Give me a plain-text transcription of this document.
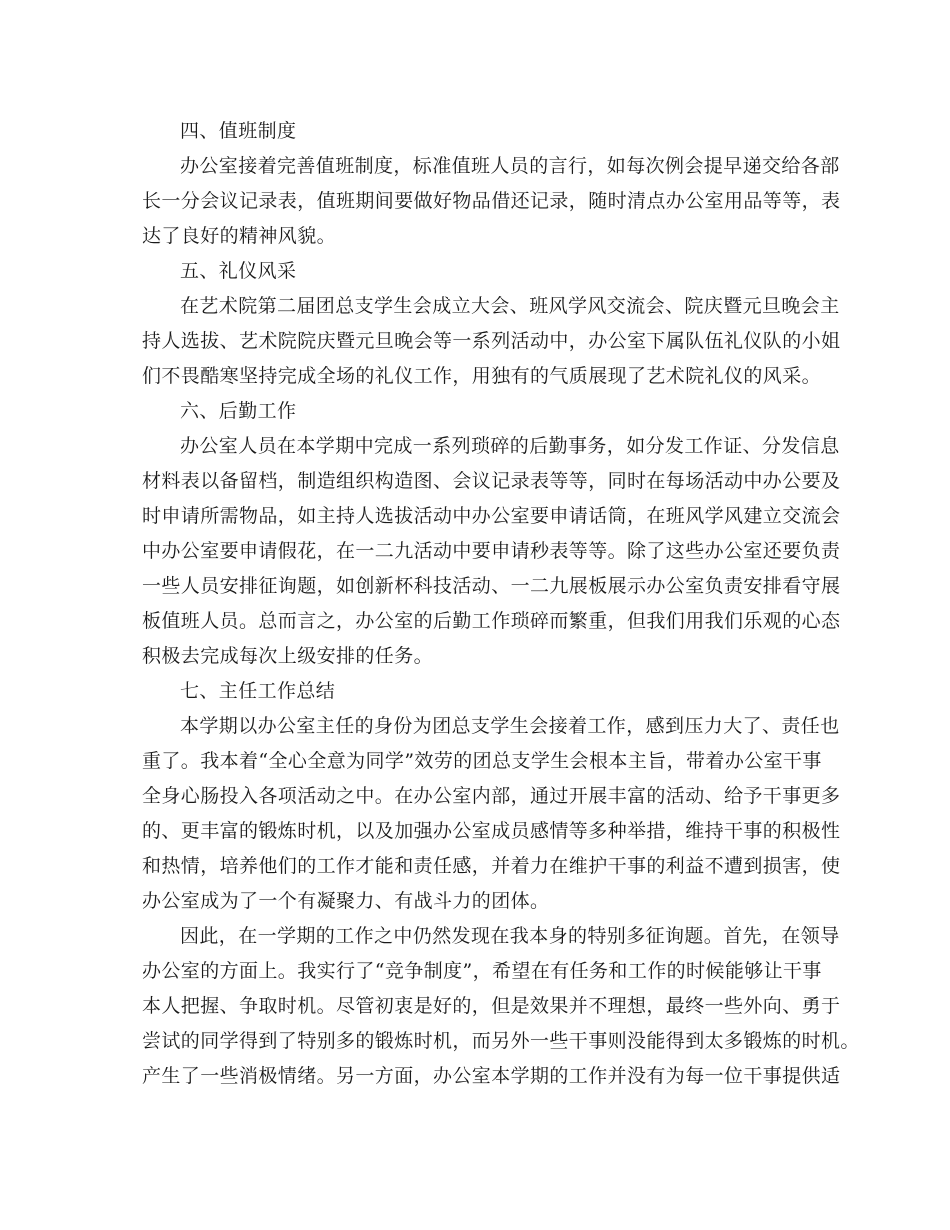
四、值班制度
办公室接着完善值班制度，标准值班人员的言行，如每次例会提早递交给各部
长一分会议记录表，值班期间要做好物品借还记录，随时清点办公室用品等等，表
达了良好的精神风貌。
五、礼仪风采
在艺术院第二届团总支学生会成立大会、班风学风交流会、院庆暨元旦晚会主
持人选拔、艺术院院庆暨元旦晚会等一系列活动中，办公室下属队伍礼仪队的小姐
们不畏酷寒坚持完成全场的礼仪工作，用独有的气质展现了艺术院礼仪的风采。
六、后勤工作
办公室人员在本学期中完成一系列琐碎的后勤事务，如分发工作证、分发信息
材料表以备留档，制造组织构造图、会议记录表等等，同时在每场活动中办公要及
时申请所需物品，如主持人选拔活动中办公室要申请话筒，在班风学风建立交流会
中办公室要申请假花，在一二九活动中要申请秒表等等。除了这些办公室还要负责
一些人员安排征询题，如创新杯科技活动、一二九展板展示办公室负责安排看守展
板值班人员。总而言之，办公室的后勤工作琐碎而繁重，但我们用我们乐观的心态
积极去完成每次上级安排的任务。
七、主任工作总结
本学期以办公室主任的身份为团总支学生会接着工作，感到压力大了、责任也
重了。我本着“全心全意为同学”效劳的团总支学生会根本主旨，带着办公室干事
全身心肠投入各项活动之中。在办公室内部，通过开展丰富的活动、给予干事更多
的、更丰富的锻炼时机，以及加强办公室成员感情等多种举措，维持干事的积极性
和热情，培养他们的工作才能和责任感，并着力在维护干事的利益不遭到损害，使
办公室成为了一个有凝聚力、有战斗力的团体。
因此，在一学期的工作之中仍然发现在我本身的特别多征询题。首先，在领导
办公室的方面上。我实行了“竞争制度”，希望在有任务和工作的时候能够让干事
本人把握、争取时机。尽管初衷是好的，但是效果并不理想，最终一些外向、勇于
尝试的同学得到了特别多的锻炼时机，而另外一些干事则没能得到太多锻炼的时机。
产生了一些消极情绪。另一方面，办公室本学期的工作并没有为每一位干事提供适
